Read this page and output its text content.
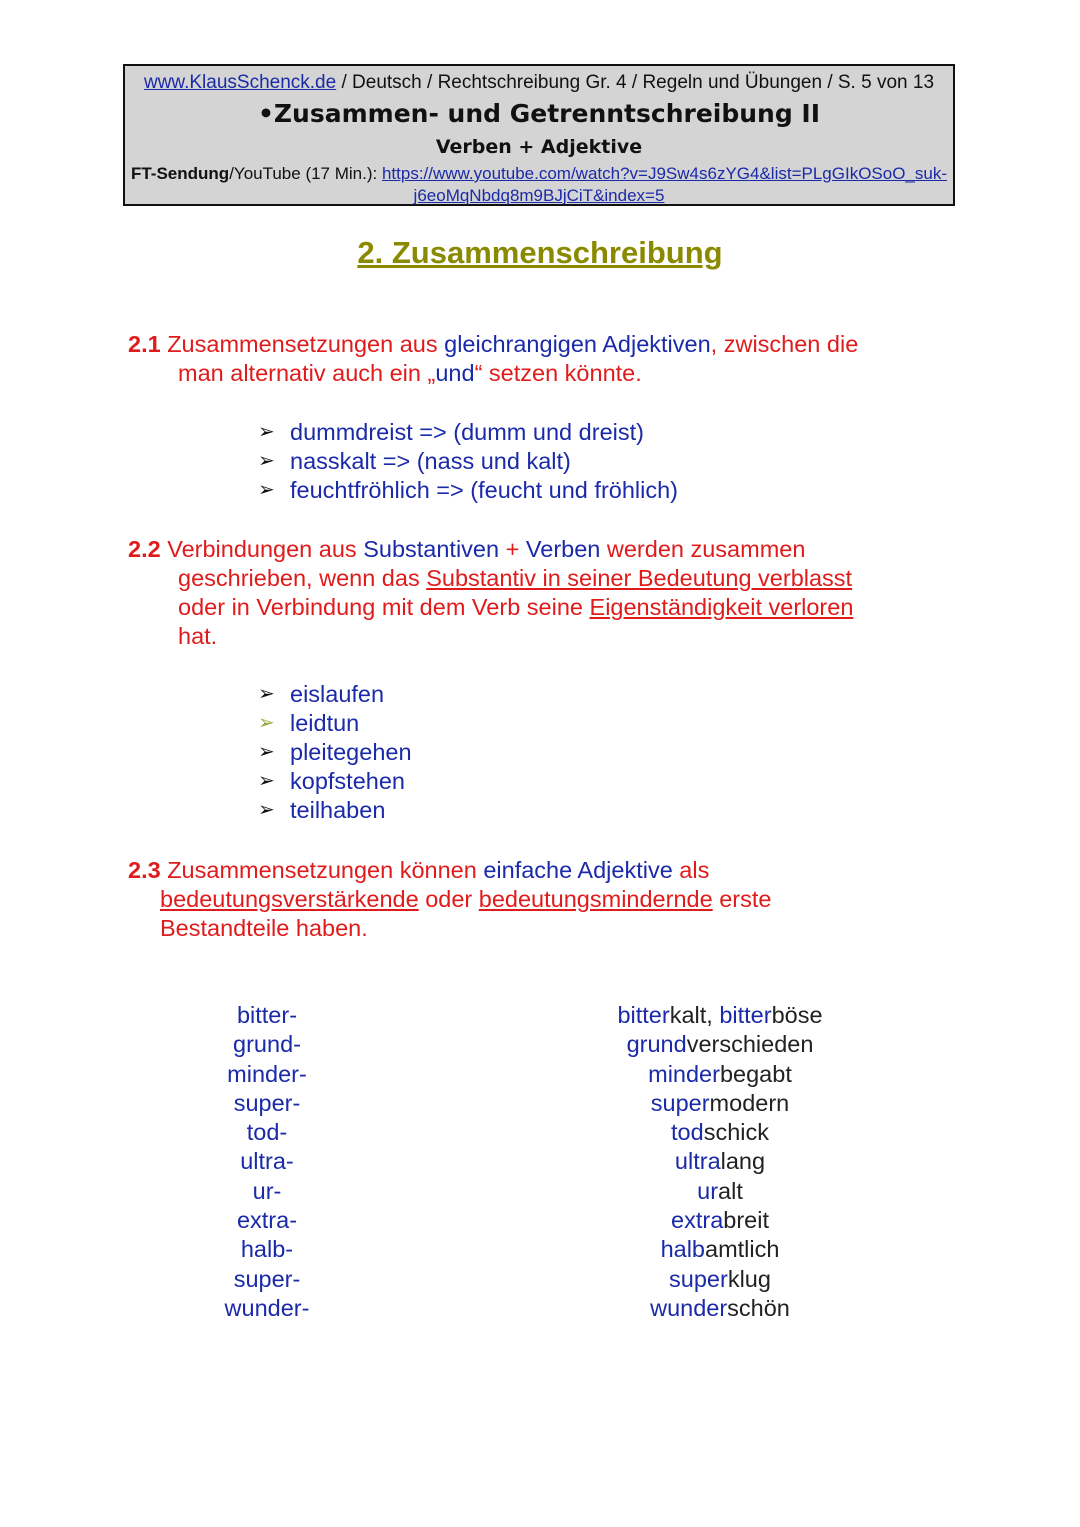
www.KlausSchenck.de / Deutsch / Rechtschreibung Gr. 4 / Regeln und Übungen / S. 5 von 13
•Zusammen- und Getrenntschreibung II
Verben + Adjektive
FT-Sendung/YouTube (17 Min.): https://www.youtube.com/watch?v=J9Sw4s6zYG4&list=PLgGIkOSoO_suk-
j6eoMqNbdq8m9BJjCiT&index=5
2. Zusammenschreibung
2.1 Zusammensetzungen aus gleichrangigen Adjektiven, zwischen die
man alternativ auch ein „und“ setzen könnte.
➢ dummdreist => (dumm und dreist)
➢ nasskalt => (nass und kalt)
➢ feuchtfröhlich => (feucht und fröhlich)
2.2 Verbindungen aus Substantiven + Verben werden zusammen
geschrieben, wenn das Substantiv in seiner Bedeutung verblasst
oder in Verbindung mit dem Verb seine Eigenständigkeit verloren
hat.
➢ eislaufen
➢ leidtun
➢ pleitegehen
➢ kopfstehen
➢ teilhaben
2.3 Zusammensetzungen können einfache Adjektive als
bedeutungsverstärkende oder bedeutungsmindernde erste
Bestandteile haben.
bitter-
grund-
minder-
super-
tod-
ultra-
ur-
extra-
halb-
super-
wunder-
bitterkalt, bitterböse
grundverschieden
minderbegabt
supermodern
todschick
ultralang
uralt
extrabreit
halbamtlich
superklug
wunderschön
